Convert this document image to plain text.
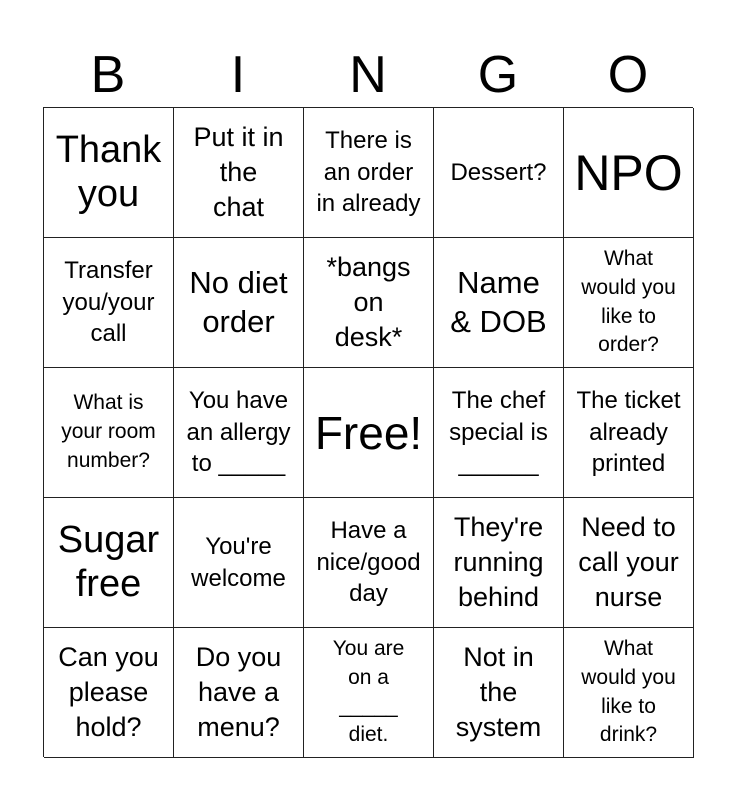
B	I	N	G	O
Thank
you
Put it in
the
chat
There is
an order
in already
Dessert? NPO
Transfer
you/your
call
No diet
order
*bangs
on
desk*
Name
& DOB
What
would you
like to
order?
What is
your room
number?
You have
an allergy
to _____
Free!
The chef
special is
______
The ticket
already
printed
Sugar
free
You're
welcome
Have a
nice/good
day
They're
running
behind
Need to
call your
nurse
Can you
please
hold?
Do you
have a
menu?
You are
on a
_____
diet.
Not in
the
system
What
would you
like to
drink?
